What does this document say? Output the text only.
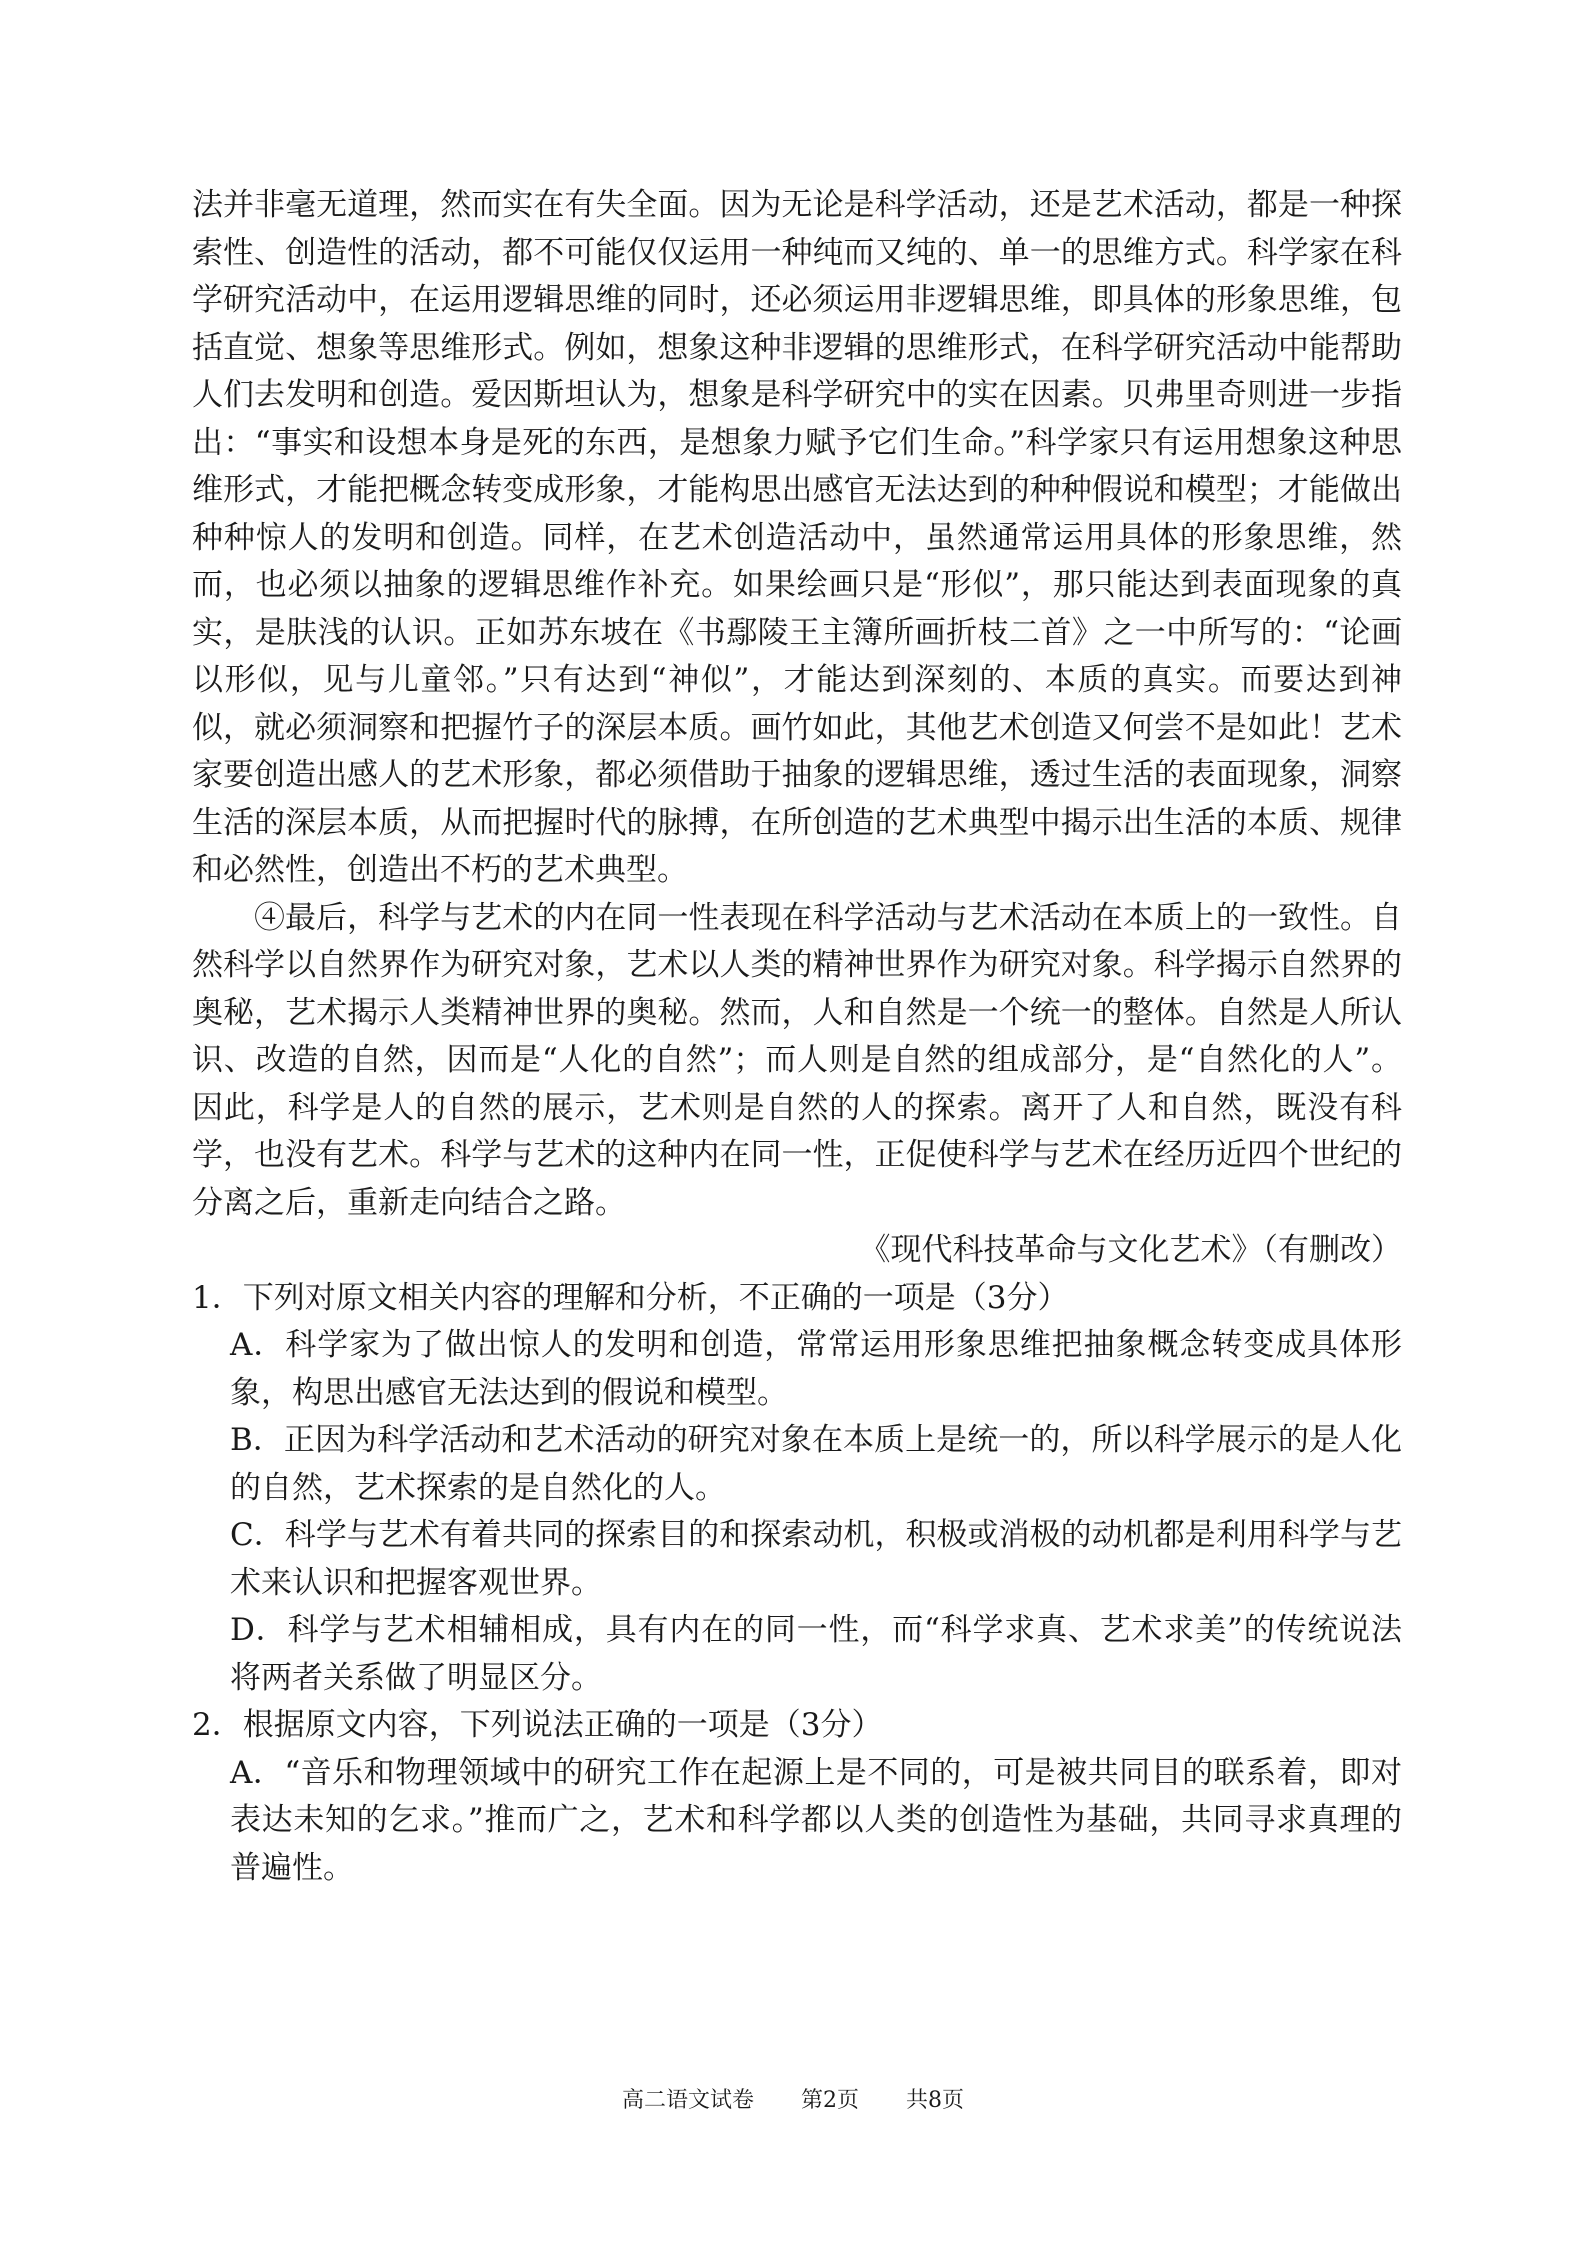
法并非毫无道理，然而实在有失全面。因为无论是科学活动，还是艺术活动，都是一种探索性、创造性的活动，都不可能仅仅运用一种纯而又纯的、单一的思维方式。科学家在科学研究活动中，在运用逻辑思维的同时，还必须运用非逻辑思维，即具体的形象思维，包括直觉、想象等思维形式。例如，想象这种非逻辑的思维形式，在科学研究活动中能帮助人们去发明和创造。爱因斯坦认为，想象是科学研究中的实在因素。贝弗里奇则进一步指出：“事实和设想本身是死的东西，是想象力赋予它们生命。”科学家只有运用想象这种思维形式，才能把概念转变成形象，才能构思出感官无法达到的种种假说和模型；才能做出种种惊人的发明和创造。同样，在艺术创造活动中，虽然通常运用具体的形象思维，然而，也必须以抽象的逻辑思维作补充。如果绘画只是“形似”，那只能达到表面现象的真实，是肤浅的认识。正如苏东坡在《书鄢陵王主簿所画折枝二首》之一中所写的：“论画以形似，见与儿童邻。”只有达到“神似”，才能达到深刻的、本质的真实。而要达到神似，就必须洞察和把握竹子的深层本质。画竹如此，其他艺术创造又何尝不是如此！艺术家要创造出感人的艺术形象，都必须借助于抽象的逻辑思维，透过生活的表面现象，洞察生活的深层本质，从而把握时代的脉搏，在所创造的艺术典型中揭示出生活的本质、规律和必然性，创造出不朽的艺术典型。

④最后，科学与艺术的内在同一性表现在科学活动与艺术活动在本质上的一致性。自然科学以自然界作为研究对象，艺术以人类的精神世界作为研究对象。科学揭示自然界的奥秘，艺术揭示人类精神世界的奥秘。然而，人和自然是一个统一的整体。自然是人所认识、改造的自然，因而是“人化的自然”；而人则是自然的组成部分，是“自然化的人”。因此，科学是人的自然的展示，艺术则是自然的人的探索。离开了人和自然，既没有科学，也没有艺术。科学与艺术的这种内在同一性，正促使科学与艺术在经历近四个世纪的分离之后，重新走向结合之路。

《现代科技革命与文化艺术》（有删改）

1．下列对原文相关内容的理解和分析，不正确的一项是（3分）

A．科学家为了做出惊人的发明和创造，常常运用形象思维把抽象概念转变成具体形象，构思出感官无法达到的假说和模型。

B．正因为科学活动和艺术活动的研究对象在本质上是统一的，所以科学展示的是人化的自然，艺术探索的是自然化的人。

C．科学与艺术有着共同的探索目的和探索动机，积极或消极的动机都是利用科学与艺术来认识和把握客观世界。

D．科学与艺术相辅相成，具有内在的同一性，而“科学求真、艺术求美”的传统说法将两者关系做了明显区分。

2．根据原文内容，下列说法正确的一项是（3分）

A．“音乐和物理领域中的研究工作在起源上是不同的，可是被共同目的联系着，即对表达未知的乞求。”推而广之，艺术和科学都以人类的创造性为基础，共同寻求真理的普遍性。

高二语文试卷 第2页 共8页
